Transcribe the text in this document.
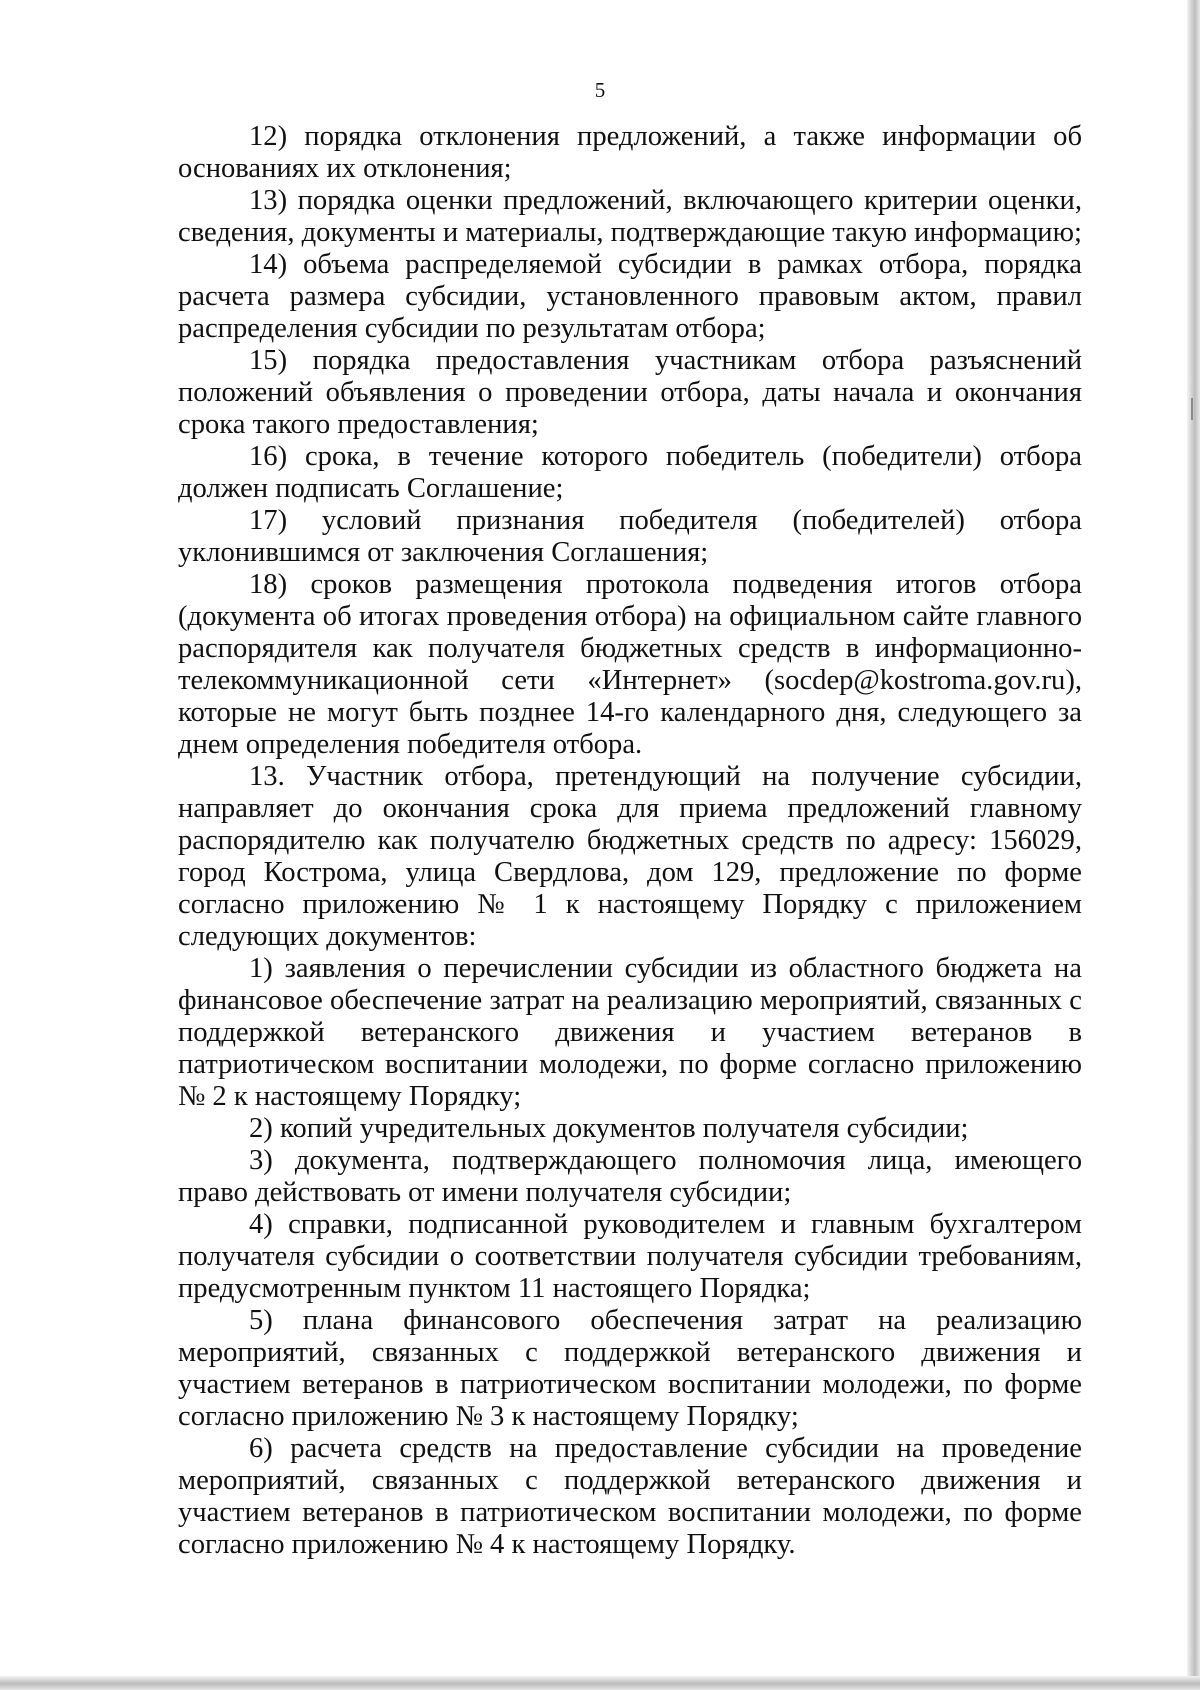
5

12) порядка отклонения предложений, а также информации об основаниях их отклонения;

13) порядка оценки предложений, включающего критерии оценки, сведения, документы и материалы, подтверждающие такую информацию;

14) объема распределяемой субсидии в рамках отбора, порядка расчета размера субсидии, установленного правовым актом, правил распределения субсидии по результатам отбора;

15) порядка предоставления участникам отбора разъяснений положений объявления о проведении отбора, даты начала и окончания срока такого предоставления;

16) срока, в течение которого победитель (победители) отбора должен подписать Соглашение;

17) условий признания победителя (победителей) отбора уклонившимся от заключения Соглашения;

18) сроков размещения протокола подведения итогов отбора (документа об итогах проведения отбора) на официальном сайте главного распорядителя как получателя бюджетных средств в информационно-телекоммуникационной сети «Интернет» (socdep@kostroma.gov.ru), которые не могут быть позднее 14-го календарного дня, следующего за днем определения победителя отбора.

13. Участник отбора, претендующий на получение субсидии, направляет до окончания срока для приема предложений главному распорядителю как получателю бюджетных средств по адресу: 156029, город Кострома, улица Свердлова, дом 129, предложение по форме согласно приложению № 1 к настоящему Порядку с приложением следующих документов:

1) заявления о перечислении субсидии из областного бюджета на финансовое обеспечение затрат на реализацию мероприятий, связанных с поддержкой ветеранского движения и участием ветеранов в патриотическом воспитании молодежи, по форме согласно приложению № 2 к настоящему Порядку;

2) копий учредительных документов получателя субсидии;

3) документа, подтверждающего полномочия лица, имеющего право действовать от имени получателя субсидии;

4) справки, подписанной руководителем и главным бухгалтером получателя субсидии о соответствии получателя субсидии требованиям, предусмотренным пунктом 11 настоящего Порядка;

5) плана финансового обеспечения затрат на реализацию мероприятий, связанных с поддержкой ветеранского движения и участием ветеранов в патриотическом воспитании молодежи, по форме согласно приложению № 3 к настоящему Порядку;

6) расчета средств на предоставление субсидии на проведение мероприятий, связанных с поддержкой ветеранского движения и участием ветеранов в патриотическом воспитании молодежи, по форме согласно приложению № 4 к настоящему Порядку.
